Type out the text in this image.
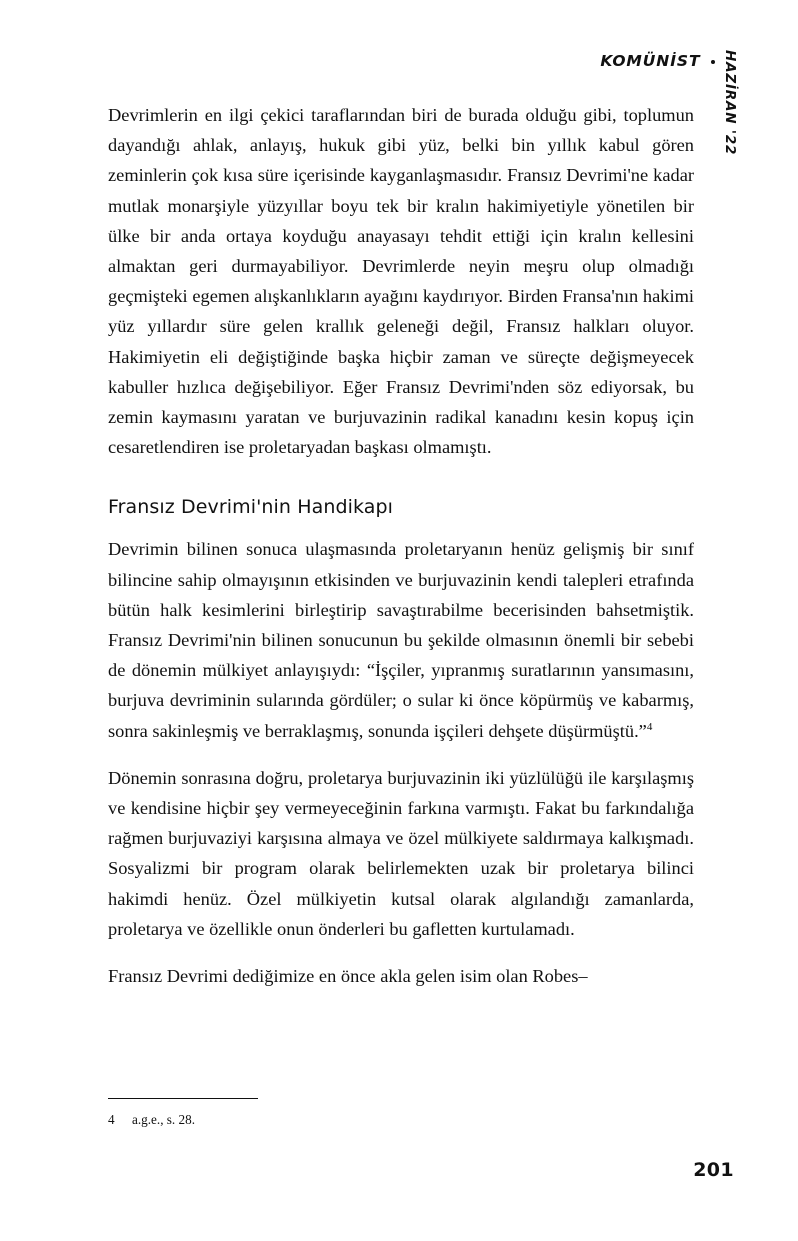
KOMÜNİST HAZİRAN '22

Devrimlerin en ilgi çekici taraflarından biri de burada olduğu gibi, toplumun dayandığı ahlak, anlayış, hukuk gibi yüz, belki bin yıllık kabul gören zeminlerin çok kısa süre içerisinde kayganlaşmasıdır. Fransız Devrimi'ne kadar mutlak monarşiyle yüzyıllar boyu tek bir kralın hakimiyetiyle yönetilen bir ülke bir anda ortaya koyduğu anayasayı tehdit ettiği için kralın kellesini almaktan geri durmayabiliyor. Devrimlerde neyin meşru olup olmadığı geçmişteki egemen alışkanlıkların ayağını kaydırıyor. Birden Fransa'nın hakimi yüz yıllardır süre gelen krallık geleneği değil, Fransız halkları oluyor. Hakimiyetin eli değiştiğinde başka hiçbir zaman ve süreçte değişmeyecek kabuller hızlıca değişebiliyor. Eğer Fransız Devrimi'nden söz ediyorsak, bu zemin kaymasını yaratan ve burjuvazinin radikal kanadını kesin kopuş için cesaretlendiren ise proletaryadan başkası olmamıştı.

Fransız Devrimi'nin Handikapı

Devrimin bilinen sonuca ulaşmasında proletaryanın henüz gelişmiş bir sınıf bilincine sahip olmayışının etkisinden ve burjuvazinin kendi talepleri etrafında bütün halk kesimlerini birleştirip savaştırabilme becerisinden bahsetmiştik. Fransız Devrimi'nin bilinen sonucunun bu şekilde olmasının önemli bir sebebi de dönemin mülkiyet anlayışıydı: “İşçiler, yıpranmış suratlarının yansımasını, burjuva devriminin sularında gördüler; o sular ki önce köpürmüş ve kabarmış, sonra sakinleşmiş ve berraklaşmış, sonunda işçileri dehşete düşürmüştü.”$^4$

Dönemin sonrasına doğru, proletarya burjuvazinin iki yüzlülüğü ile karşılaşmış ve kendisine hiçbir şey vermeyeceğinin farkına varmıştı. Fakat bu farkındalığa rağmen burjuvaziyi karşısına almaya ve özel mülkiyete saldırmaya kalkışmadı. Sosyalizmi bir program olarak belirlemekten uzak bir proletarya bilinci hakimdi henüz. Özel mülkiyetin kutsal olarak algılandığı zamanlarda, proletarya ve özellikle onun önderleri bu gafletten kurtulamadı.

Fransız Devrimi dediğimize en önce akla gelen isim olan Robes–

4 a.g.e., s. 28.
201
